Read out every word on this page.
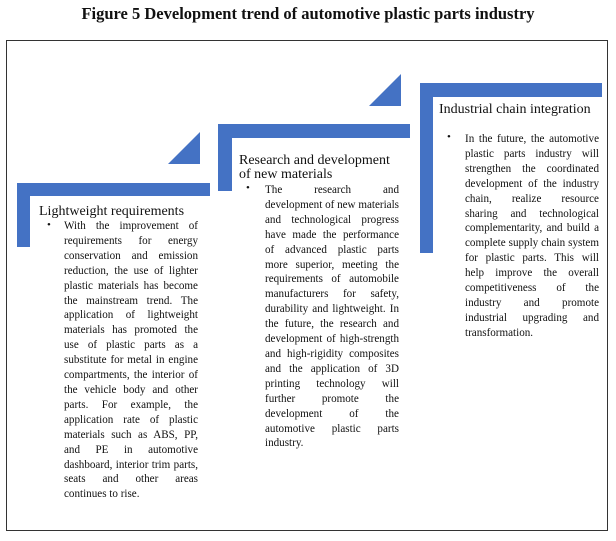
Figure 5 Development trend of automotive plastic parts industry
Lightweight requirements
• With the improvement of requirements for energy conservation and emission reduction, the use of lighter plastic materials has become the mainstream trend. The application of lightweight materials has promoted the use of plastic parts as a substitute for metal in engine compartments, the interior of the vehicle body and other parts. For example, the application rate of plastic materials such as ABS, PP, and PE in automotive dashboard, interior trim parts, seats and other areas continues to rise.
Research and development of new materials
• The research and development of new materials and technological progress have made the performance of advanced plastic parts more superior, meeting the requirements of automobile manufacturers for safety, durability and lightweight. In the future, the research and development of high-strength and high-rigidity composites and the application of 3D printing technology will further promote the development of the automotive plastic parts industry.
Industrial chain integration
• In the future, the automotive plastic parts industry will strengthen the coordinated development of the industry chain, realize resource sharing and technological complementarity, and build a complete supply chain system for plastic parts. This will help improve the overall competitiveness of the industry and promote industrial upgrading and transformation.
